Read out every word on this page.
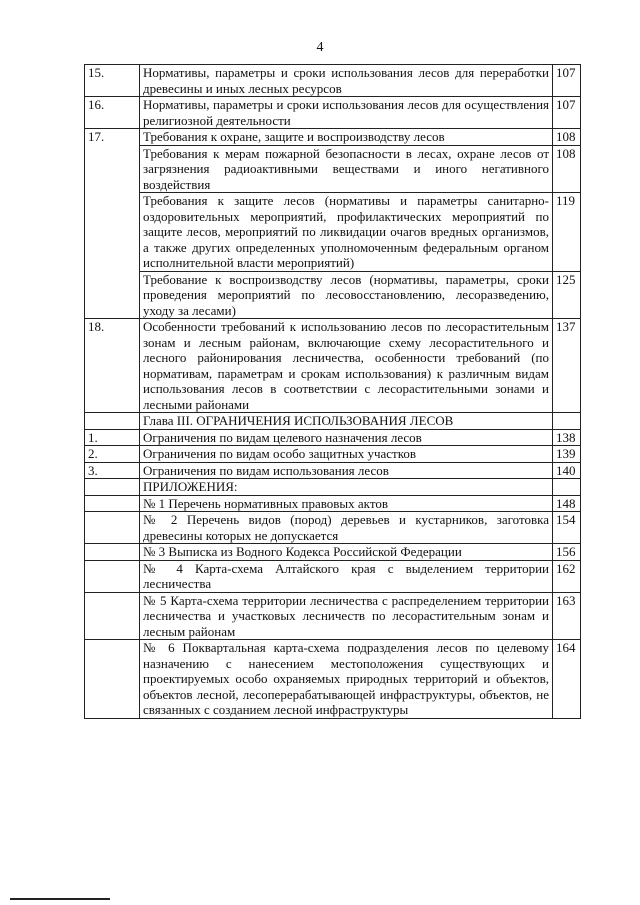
4
15.	Нормативы, параметры и сроки использования лесов для переработки древесины и иных лесных ресурсов	107
16.	Нормативы, параметры и сроки использования лесов для осуществления религиозной деятельности	107
17.	Требования к охране, защите и воспроизводству лесов	108
	Требования к мерам пожарной безопасности в лесах, охране лесов от загрязнения радиоактивными веществами и иного негативного воздействия	108
	Требования к защите лесов (нормативы и параметры санитарно-оздоровительных мероприятий, профилактических мероприятий по защите лесов, мероприятий по ликвидации очагов вредных организмов, а также других определенных уполномоченным федеральным органом исполнительной власти мероприятий)	119
	Требование к воспроизводству лесов (нормативы, параметры, сроки проведения мероприятий по лесовосстановлению, лесоразведению, уходу за лесами)	125
18.	Особенности требований к использованию лесов по лесорастительным зонам и лесным районам, включающие схему лесорастительного и лесного районирования лесничества, особенности требований (по нормативам, параметрам и срокам использования) к различным видам использования лесов в соответствии с лесорастительными зонами и лесными районами	137
	Глава III. ОГРАНИЧЕНИЯ ИСПОЛЬЗОВАНИЯ ЛЕСОВ	
1.	Ограничения по видам целевого назначения лесов	138
2.	Ограничения по видам особо защитных участков	139
3.	Ограничения по видам использования лесов	140
	ПРИЛОЖЕНИЯ:	
	№ 1 Перечень нормативных правовых актов	148
	№ 2 Перечень видов (пород) деревьев и кустарников, заготовка древесины которых не допускается	154
	№ 3 Выписка из Водного Кодекса Российской Федерации	156
	№ 4 Карта-схема Алтайского края с выделением территории лесничества	162
	№ 5 Карта-схема территории лесничества с распределением территории лесничества и участковых лесничеств по лесорастительным зонам и лесным районам	163
	№ 6 Поквартальная карта-схема подразделения лесов по целевому назначению с нанесением местоположения существующих и проектируемых особо охраняемых природных территорий и объектов, объектов лесной, лесоперерабатывающей инфраструктуры, объектов, не связанных с созданием лесной инфраструктуры	164
